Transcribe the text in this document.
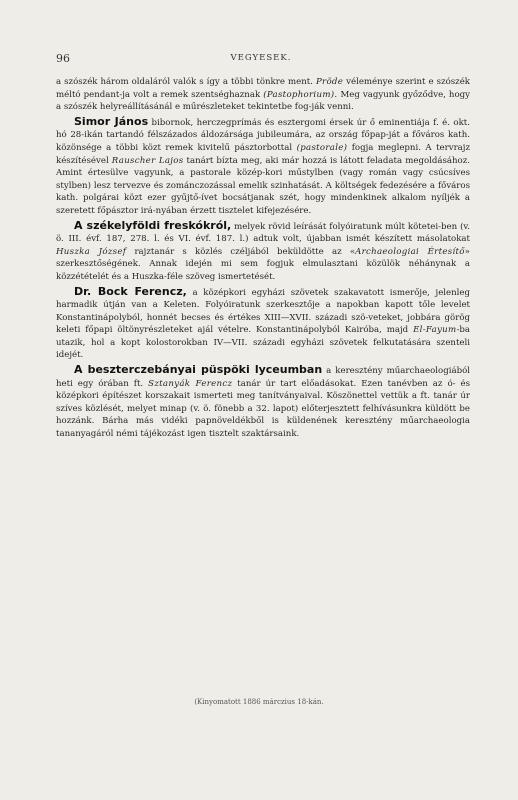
96	VEGYESEK.

a szószék három oldaláról valók s így a többi tönkre ment. Pröde véleménye szerint e szószék méltó pendant-ja volt a remek szentséghaznak (Pastophorium). Meg vagyunk győződve, hogy a szószék helyreállításánál e műrészleteket tekintetbe fog-ják venni.

Simor János bibornok, herczegprímás és esztergomi érsek úr ő eminentiája f. é. okt. hó 28-ikán tartandó félszázados áldozársága jubileumára, az ország főpap-ját a főváros kath. közönsége a többi közt remek kivitelű pásztorbottal (pastorale) fogja meglepni. A tervrajz készítésével Rauscher Lajos tanárt bízta meg, aki már hozzá is látott feladata megoldásához. Amint értesülve vagyunk, a pastorale közép-kori műstylben (vagy román vagy csúcsíves stylben) lesz tervezve és zománczozással emelik szinhatását. A költségek fedezésére a főváros kath. polgárai közt ezer gyűjtő-ívet bocsátjanak szét, hogy mindenkinek alkalom nyíljék a szeretett főpásztor irá-nyában érzett tisztelet kifejezésére.

A székelyföldi freskókról, melyek rövid leírását folyóiratunk múlt kötetei-ben (v. ö. III. évf. 187, 278. l. és VI. évf. 187. l.) adtuk volt, újabban ismét készített másolatokat Huszka József rajztanár s közlés czéljából beküldötte az «Archaeologiai Értesítő» szerkesztőségének. Annak idején mi sem fogjuk elmulasztani közülök néhánynak a közzétételét és a Huszka-féle szöveg ismertetését.

Dr. Bock Ferencz, a középkori egyházi szövetek szakavatott ismerője, jelenleg harmadik útján van a Keleten. Folyóiratunk szerkesztője a napokban kapott tőle levelet Konstantinápolyból, honnét becses és értékes XIII—XVII. századi szö-veteket, jobbára görög keleti főpapi öltönyrészleteket ajál vételre. Konstantinápolyból Kairóba, majd El-Fayum-ba utazik, hol a kopt kolostorokban IV—VII. századi egyházi szövetek felkutatására szenteli idejét.

A beszterczebányai püspöki lyceumban a keresztény műarchaeologiából heti egy órában ft. Sztanyák Ferencz tanár úr tart előadásokat. Ezen tanévben az ó- és középkori építészet korszakait ismerteti meg tanítványaival. Köszönettel vettük a ft. tanár úr szíves közlését, melyet minap (v. ö. fönebb a 32. lapot) előterjesztett felhívásunkra küldött be hozzánk. Bárha más vidéki papnöveldékből is küldenének keresztény műarchaeologia tananyagáról némi tájékozást igen tisztelt szaktársaink.

(Kinyomatott 1886 márczius 18-kán.
